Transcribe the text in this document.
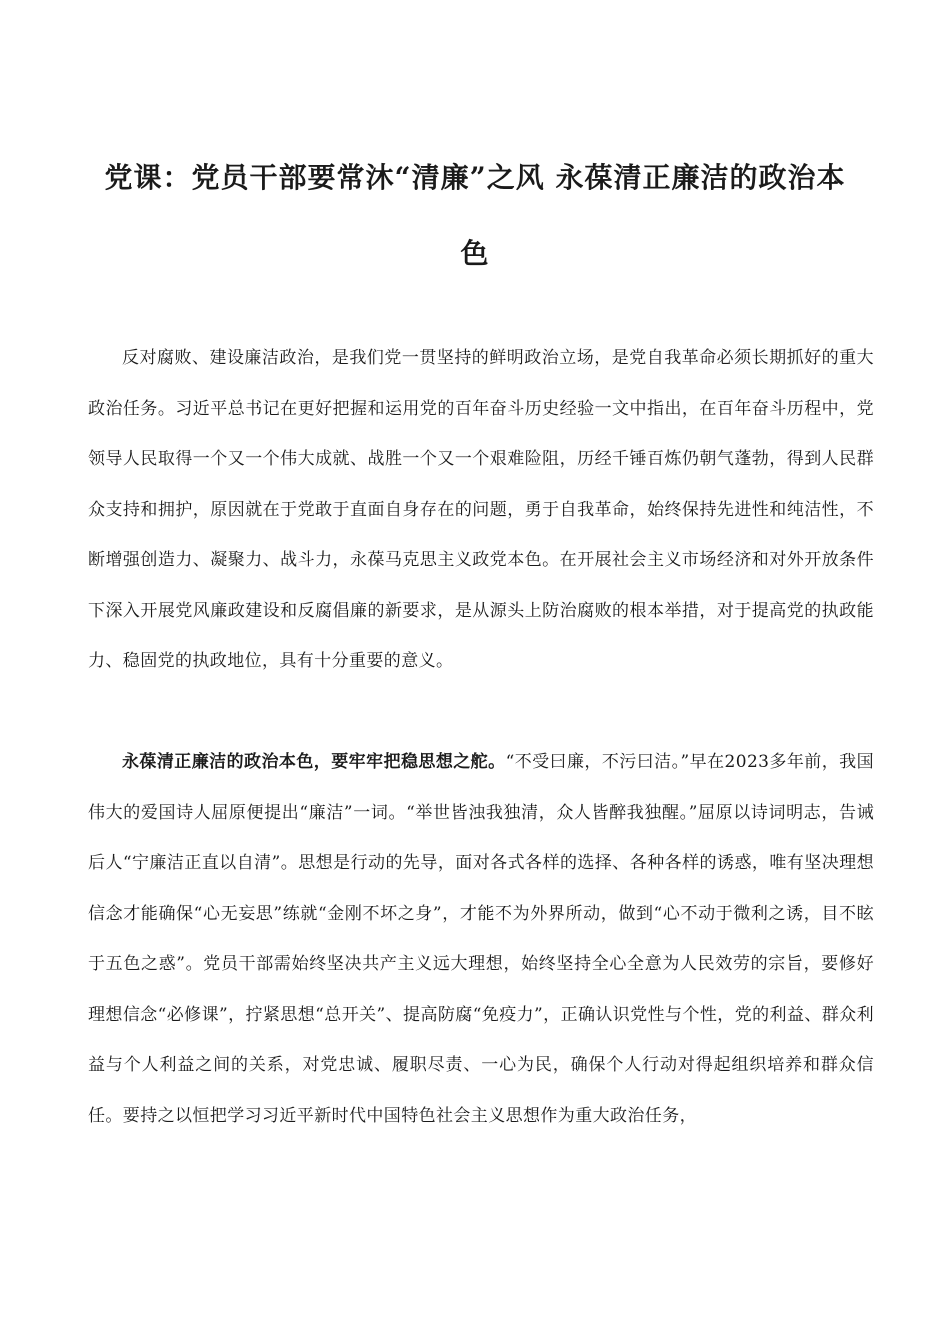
党课：党员干部要常沐“清廉”之风 永葆清正廉洁的政治本
色

反对腐败、建设廉洁政治，是我们党一贯坚持的鲜明政治立场，是党自我革命必须长期抓好的重大政治任务。习近平总书记在更好把握和运用党的百年奋斗历史经验一文中指出，在百年奋斗历程中，党领导人民取得一个又一个伟大成就、战胜一个又一个艰难险阻，历经千锤百炼仍朝气蓬勃，得到人民群众支持和拥护，原因就在于党敢于直面自身存在的问题，勇于自我革命，始终保持先进性和纯洁性，不断增强创造力、凝聚力、战斗力，永葆马克思主义政党本色。在开展社会主义市场经济和对外开放条件下深入开展党风廉政建设和反腐倡廉的新要求，是从源头上防治腐败的根本举措，对于提高党的执政能力、稳固党的执政地位，具有十分重要的意义。

永葆清正廉洁的政治本色，要牢牢把稳思想之舵。“不受曰廉，不污曰洁。”早在2023多年前，我国伟大的爱国诗人屈原便提出“廉洁”一词。“举世皆浊我独清，众人皆醉我独醒。”屈原以诗词明志，告诫后人“宁廉洁正直以自清”。思想是行动的先导，面对各式各样的选择、各种各样的诱惑，唯有坚决理想信念才能确保“心无妄思”练就“金刚不坏之身”，才能不为外界所动，做到“心不动于微利之诱，目不眩于五色之惑”。党员干部需始终坚决共产主义远大理想，始终坚持全心全意为人民效劳的宗旨，要修好理想信念“必修课”，拧紧思想“总开关”、提高防腐“免疫力”，正确认识党性与个性，党的利益、群众利益与个人利益之间的关系，对党忠诚、履职尽责、一心为民，确保个人行动对得起组织培养和群众信任。要持之以恒把学习习近平新时代中国特色社会主义思想作为重大政治任务，
